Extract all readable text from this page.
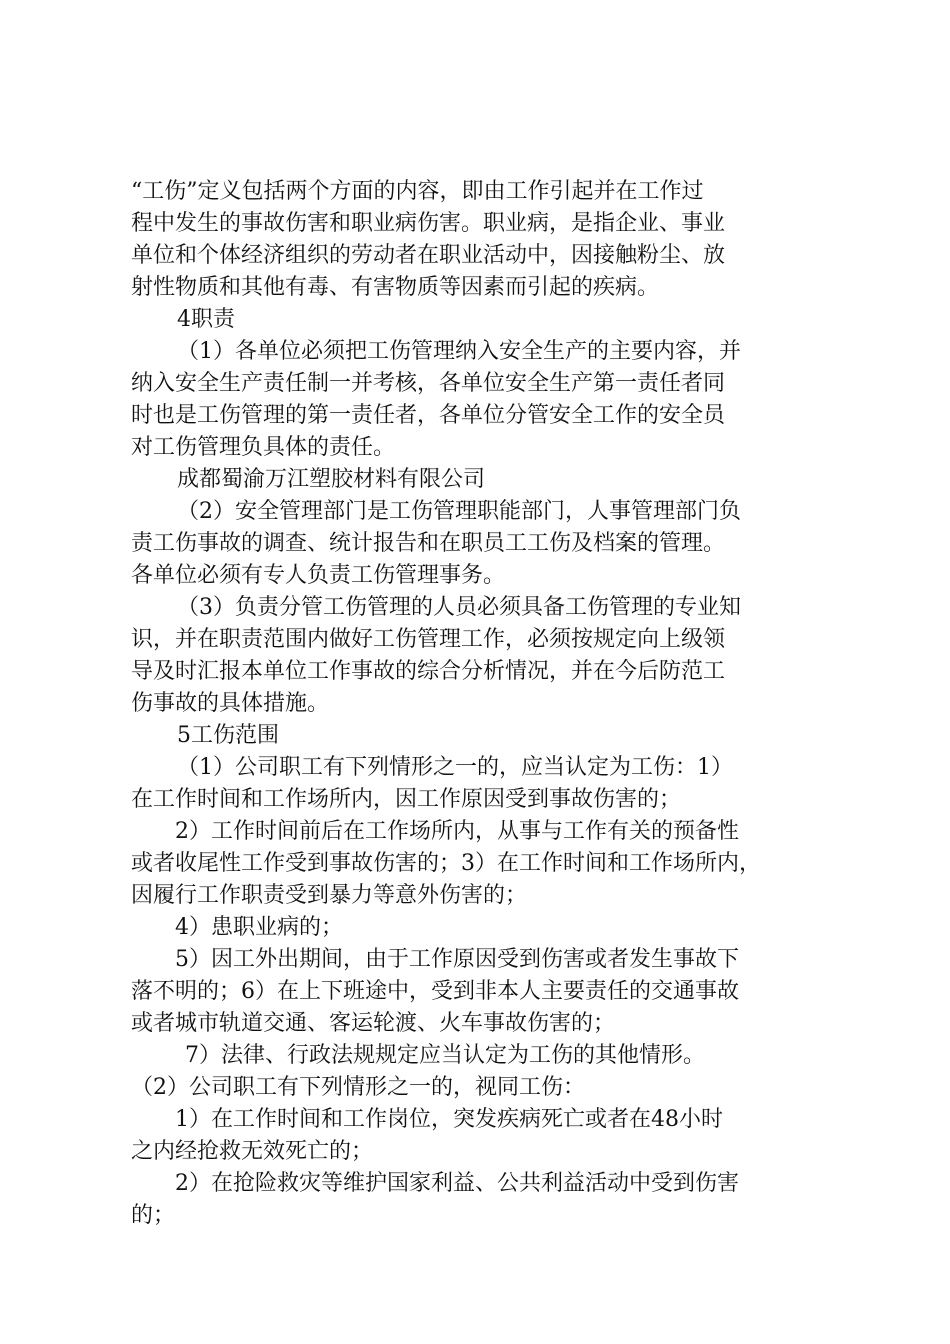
“工伤”定义包括两个方面的内容，即由工作引起并在工作过
程中发生的事故伤害和职业病伤害。职业病，是指企业、事业
单位和个体经济组织的劳动者在职业活动中，因接触粉尘、放
射性物质和其他有毒、有害物质等因素而引起的疾病。
4职责
（1）各单位必须把工伤管理纳入安全生产的主要内容，并
纳入安全生产责任制一并考核，各单位安全生产第一责任者同
时也是工伤管理的第一责任者，各单位分管安全工作的安全员
对工伤管理负具体的责任。
成都蜀渝万江塑胶材料有限公司
（2）安全管理部门是工伤管理职能部门，人事管理部门负
责工伤事故的调查、统计报告和在职员工工伤及档案的管理。
各单位必须有专人负责工伤管理事务。
（3）负责分管工伤管理的人员必须具备工伤管理的专业知
识，并在职责范围内做好工伤管理工作，必须按规定向上级领
导及时汇报本单位工作事故的综合分析情况，并在今后防范工
伤事故的具体措施。
5工伤范围
（1）公司职工有下列情形之一的，应当认定为工伤：1）
在工作时间和工作场所内，因工作原因受到事故伤害的；
2）工作时间前后在工作场所内，从事与工作有关的预备性
或者收尾性工作受到事故伤害的；3）在工作时间和工作场所内，
因履行工作职责受到暴力等意外伤害的；
4）患职业病的；
5）因工外出期间，由于工作原因受到伤害或者发生事故下
落不明的；6）在上下班途中，受到非本人主要责任的交通事故
或者城市轨道交通、客运轮渡、火车事故伤害的；
7）法律、行政法规规定应当认定为工伤的其他情形。
（2）公司职工有下列情形之一的，视同工伤：
1）在工作时间和工作岗位，突发疾病死亡或者在48小时
之内经抢救无效死亡的；
2）在抢险救灾等维护国家利益、公共利益活动中受到伤害
的；
